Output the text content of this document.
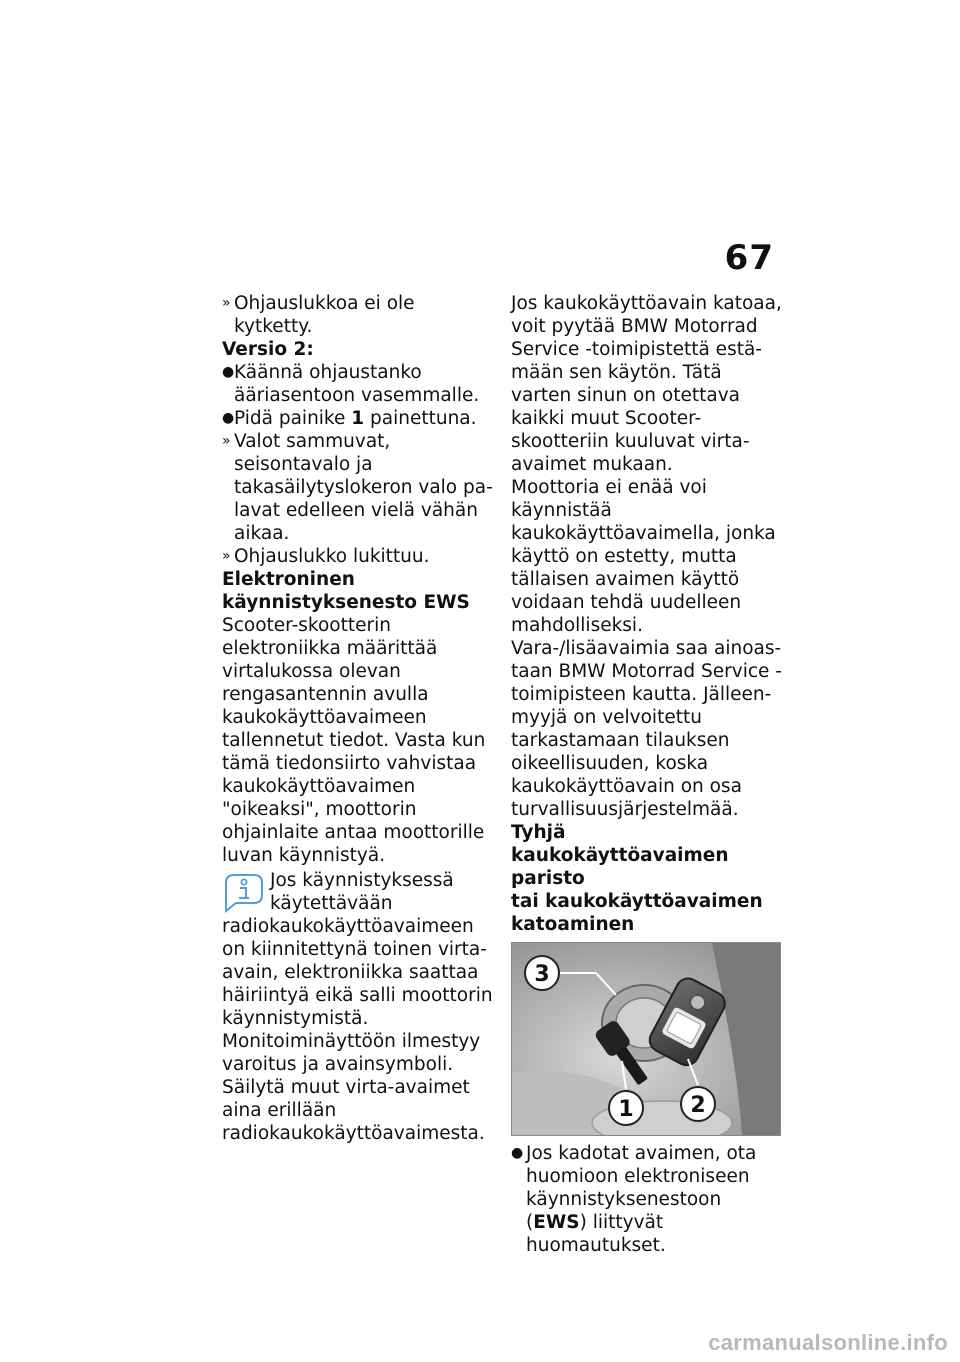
67
» Ohjauslukkoa ei ole kytketty.

Versio 2:

● Käännä ohjaustanko ääriasentoon vasemmalle.
● Pidä painike 1 painettuna.
» Valot sammuvat, seisontavalo ja takasäilytyslokeron valo palavat edelleen vielä vähän aikaa.
» Ohjauslukko lukittuu.

Elektroninen
käynnistyksenesto EWS

Scooter-skootterin elektroniikka määrittää virtalukossa olevan rengasantennin avulla kaukokäyttöavaimeen tallennetut tiedot. Vasta kun tämä tiedonsiirto vahvistaa kaukokäyttöavaimen "oikeaksi", moottorin ohjainlaite antaa moottorille luvan käynnistyä.

Jos käynnistyksessä käytettävään radiokaukokäyttöavaimeen on kiinnitettynä toinen virta-avain, elektroniikka saattaa häiriintyä eikä salli moottorin käynnistymistä. Monitoiminäyttöön ilmestyy varoitus ja avainsymboli.

Säilytä muut virta-avaimet aina erillään radiokaukokäyttöavaimesta.

Jos kaukokäyttöavain katoaa, voit pyytää BMW Motorrad Service -toimipistettä estämään sen käytön. Tätä varten sinun on otettava kaikki muut Scooter-skootteriin kuuluvat virta-avaimet mukaan.

Moottoria ei enää voi käynnistää kaukokäyttöavaimella, jonka käyttö on estetty, mutta tällaisen avaimen käyttö voidaan tehdä uudelleen mahdolliseksi.

Vara-/lisäavaimia saa ainoastaan BMW Motorrad Service -toimipisteen kautta. Jälleenmyyjä on velvoitettu tarkastamaan tilauksen oikeellisuuden, koska kaukokäyttöavain on osa turvallisuusjärjestelmää.

Tyhjä kaukokäyttöavaimen
paristo
tai kaukokäyttöavaimen
katoaminen

3
1	2
● Jos kadotat avaimen, ota huomioon elektroniseen käynnistyksenestoon (EWS) liittyvät huomautukset.
carmanualsonline.info
